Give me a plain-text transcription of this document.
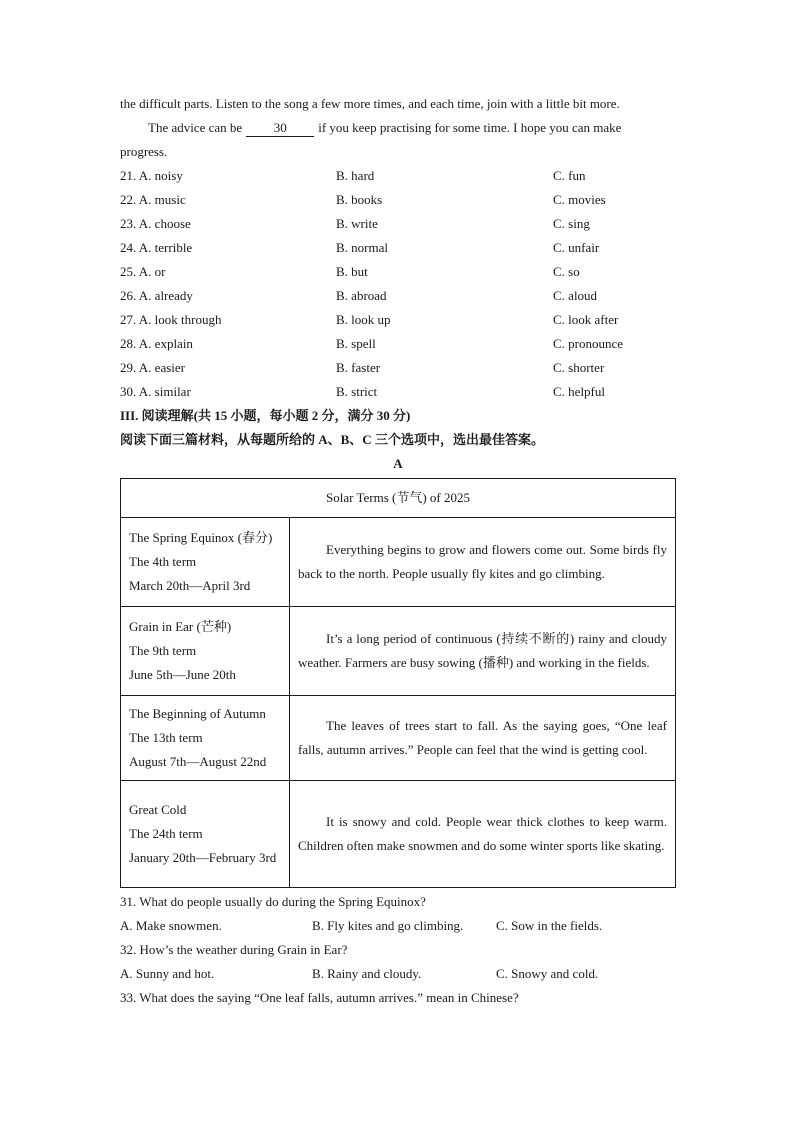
the difficult parts. Listen to the song a few more times, and each time, join with a little bit more.

The advice can be 30 if you keep practising for some time. I hope you can make

progress.

21. A. noisy	B. hard	C. fun
22. A. music	B. books	C. movies
23. A. choose	B. write	C. sing
24. A. terrible	B. normal	C. unfair
25. A. or	B. but	C. so
26. A. already	B. abroad	C. aloud
27. A. look through	B. look up	C. look after
28. A. explain	B. spell	C. pronounce
29. A. easier	B. faster	C. shorter
30. A. similar	B. strict	C. helpful

III. 阅读理解(共 15 小题，每小题 2 分，满分 30 分)

阅读下面三篇材料，从每题所给的 A、B、C 三个选项中，选出最佳答案。

A

Solar Terms (节气) of 2025	

The Spring Equinox (春分)
The 4th term
March 20th—April 3rd	Everything begins to grow and flowers come out. Some birds fly back to the north. People usually fly kites and go climbing.

Grain in Ear (芒种)
The 9th term
June 5th—June 20th	It’s a long period of continuous (持续不断的) rainy and cloudy weather. Farmers are busy sowing (播种) and working in the fields.

The Beginning of Autumn
The 13th term
August 7th—August 22nd	The leaves of trees start to fall. As the saying goes, “One leaf falls, autumn arrives.” People can feel that the wind is getting cool.

Great Cold
The 24th term
January 20th—February 3rd	It is snowy and cold. People wear thick clothes to keep warm. Children often make snowmen and do some winter sports like skating.

31. What do people usually do during the Spring Equinox?

A. Make snowmen.	B. Fly kites and go climbing.	C. Sow in the fields.

32. How’s the weather during Grain in Ear?

A. Sunny and hot.	B. Rainy and cloudy.	C. Snowy and cold.

33. What does the saying “One leaf falls, autumn arrives.” mean in Chinese?
